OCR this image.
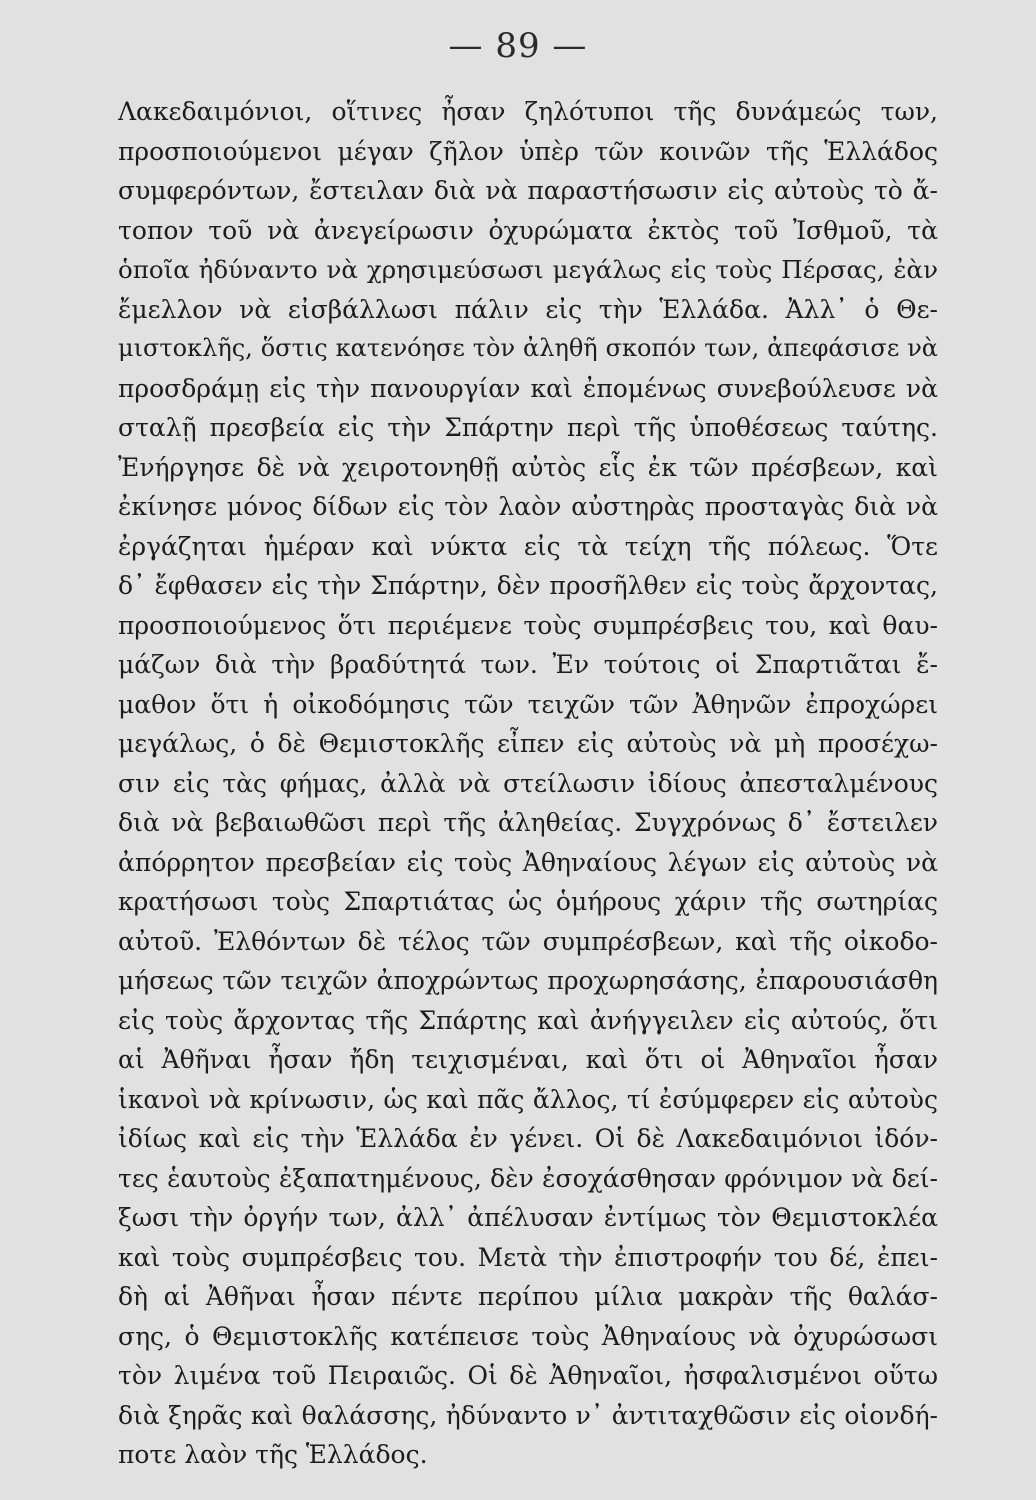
— 89 —
Λακεδαιμόνιοι, οἵτινες ἦσαν ζηλότυποι τῆς δυνάμεώς των,
προσποιούμενοι μέγαν ζῆλον ὑπὲρ τῶν κοινῶν τῆς Ἑλλάδος
συμφερόντων, ἔστειλαν διὰ νὰ παραστήσωσιν εἰς αὐτοὺς τὸ ἄ-
τοπον τοῦ νὰ ἀνεγείρωσιν ὀχυρώματα ἐκτὸς τοῦ Ἰσθμοῦ, τὰ
ὁποῖα ἠδύναντο νὰ χρησιμεύσωσι μεγάλως εἰς τοὺς Πέρσας, ἐὰν
ἔμελλον νὰ εἰσβάλλωσι πάλιν εἰς τὴν Ἑλλάδα. Ἀλλ᾽ ὁ Θε-
μιστοκλῆς, ὅστις κατενόησε τὸν ἀληθῆ σκοπόν των, ἀπεφάσισε νὰ
προσδράμῃ εἰς τὴν πανουργίαν καὶ ἐπομένως συνεβούλευσε νὰ
σταλῇ πρεσβεία εἰς τὴν Σπάρτην περὶ τῆς ὑποθέσεως ταύτης.
Ἐνήργησε δὲ νὰ χειροτονηθῇ αὐτὸς εἷς ἐκ τῶν πρέσβεων, καὶ
ἐκίνησε μόνος δίδων εἰς τὸν λαὸν αὐστηρὰς προσταγὰς διὰ νὰ
ἐργάζηται ἡμέραν καὶ νύκτα εἰς τὰ τείχη τῆς πόλεως. Ὅτε
δ᾽ ἔφθασεν εἰς τὴν Σπάρτην, δὲν προσῆλθεν εἰς τοὺς ἄρχοντας,
προσποιούμενος ὅτι περιέμενε τοὺς συμπρέσβεις του, καὶ θαυ-
μάζων διὰ τὴν βραδύτητά των. Ἐν τούτοις οἱ Σπαρτιᾶται ἔ-
μαθον ὅτι ἡ οἰκοδόμησις τῶν τειχῶν τῶν Ἀθηνῶν ἐπροχώρει
μεγάλως, ὁ δὲ Θεμιστοκλῆς εἶπεν εἰς αὐτοὺς νὰ μὴ προσέχω-
σιν εἰς τὰς φήμας, ἀλλὰ νὰ στείλωσιν ἰδίους ἀπεσταλμένους
διὰ νὰ βεβαιωθῶσι περὶ τῆς ἀληθείας. Συγχρόνως δ᾽ ἔστειλεν
ἀπόρρητον πρεσβείαν εἰς τοὺς Ἀθηναίους λέγων εἰς αὐτοὺς νὰ
κρατήσωσι τοὺς Σπαρτιάτας ὡς ὁμήρους χάριν τῆς σωτηρίας
αὐτοῦ. Ἐλθόντων δὲ τέλος τῶν συμπρέσβεων, καὶ τῆς οἰκοδο-
μήσεως τῶν τειχῶν ἀποχρώντως προχωρησάσης, ἐπαρουσιάσθη
εἰς τοὺς ἄρχοντας τῆς Σπάρτης καὶ ἀνήγγειλεν εἰς αὐτούς, ὅτι
αἱ Ἀθῆναι ἦσαν ἤδη τειχισμέναι, καὶ ὅτι οἱ Ἀθηναῖοι ἦσαν
ἱκανοὶ νὰ κρίνωσιν, ὡς καὶ πᾶς ἄλλος, τί ἐσύμφερεν εἰς αὐτοὺς
ἰδίως καὶ εἰς τὴν Ἑλλάδα ἐν γένει. Οἱ δὲ Λακεδαιμόνιοι ἰδόν-
τες ἑαυτοὺς ἐξαπατημένους, δὲν ἐσοχάσθησαν φρόνιμον νὰ δεί-
ξωσι τὴν ὀργήν των, ἀλλ᾽ ἀπέλυσαν ἐντίμως τὸν Θεμιστοκλέα
καὶ τοὺς συμπρέσβεις του. Μετὰ τὴν ἐπιστροφήν του δέ, ἐπει-
δὴ αἱ Ἀθῆναι ἦσαν πέντε περίπου μίλια μακρὰν τῆς θαλάσ-
σης, ὁ Θεμιστοκλῆς κατέπεισε τοὺς Ἀθηναίους νὰ ὀχυρώσωσι
τὸν λιμένα τοῦ Πειραιῶς. Οἱ δὲ Ἀθηναῖοι, ἠσφαλισμένοι οὕτω
διὰ ξηρᾶς καὶ θαλάσσης, ἠδύναντο ν᾽ ἀντιταχθῶσιν εἰς οἱονδή-
ποτε λαὸν τῆς Ἑλλάδος.
